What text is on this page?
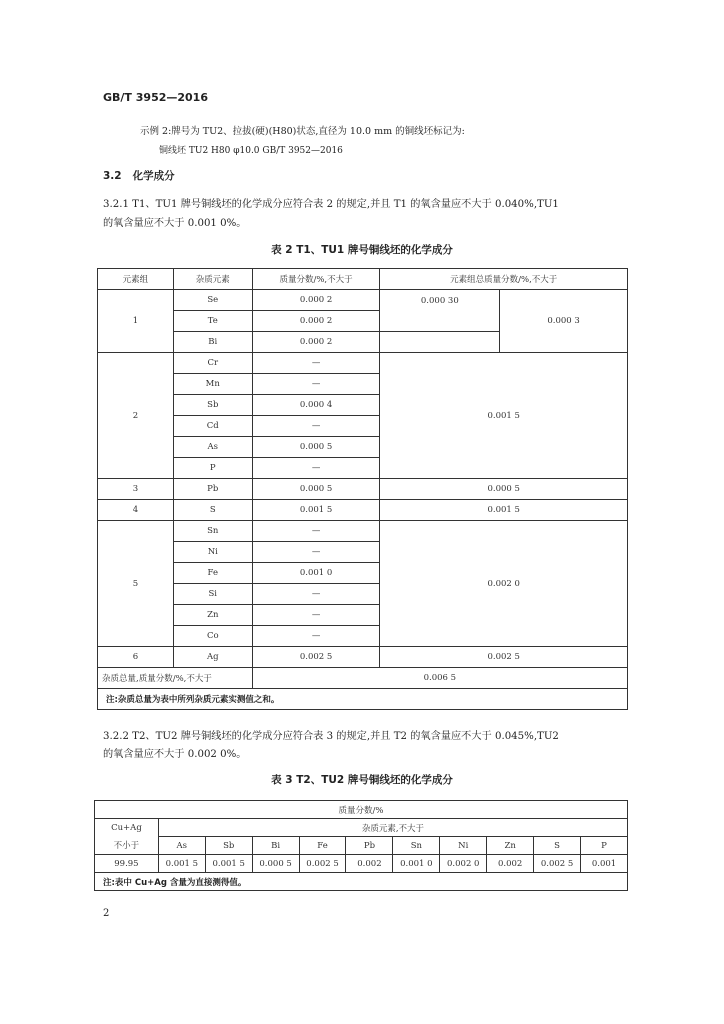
GB/T 3952—2016
示例 2:牌号为 TU2、拉拔(硬)(H80)状态,直径为 10.0 mm 的铜线坯标记为:
铜线坯 TU2 H80 φ10.0 GB/T 3952—2016
3.2 化学成分
3.2.1 T1、TU1 牌号铜线坯的化学成分应符合表 2 的规定,并且 T1 的氧含量应不大于 0.040%,TU1
的氧含量应不大于 0.001 0%。
表 2 T1、TU1 牌号铜线坯的化学成分
元素组	杂质元素	质量分数/%,不大于	元素组总质量分数/%,不大于	
1	Se	0.000 2	0.000 30	0.000 3
	Te	0.000 2		
	Bi	0.000 2		
2	Cr	—	0.001 5	
	Mn	—		
	Sb	0.000 4		
	Cd	—		
	As	0.000 5		
	P	—		
3	Pb	0.000 5	0.000 5	
4	S	0.001 5	0.001 5	
5	Sn	—	0.002 0	
	Ni	—		
	Fe	0.001 0		
	Si	—		
	Zn	—		
	Co	—		
6	Ag	0.002 5	0.002 5	
杂质总量,质量分数/%,不大于		0.006 5		
注:杂质总量为表中所列杂质元素实测值之和。				
3.2.2 T2、TU2 牌号铜线坯的化学成分应符合表 3 的规定,并且 T2 的氧含量应不大于 0.045%,TU2
的氧含量应不大于 0.002 0%。
表 3 T2、TU2 牌号铜线坯的化学成分
质量分数/%										
Cu+Ag	杂质元素,不大于									
不小于	As	Sb	Bi	Fe	Pb	Sn	Ni	Zn	S	P
99.95	0.001 5	0.001 5	0.000 5	0.002 5	0.002	0.001 0	0.002 0	0.002	0.002 5	0.001
注:表中 Cu+Ag 含量为直接测得值。										
2
